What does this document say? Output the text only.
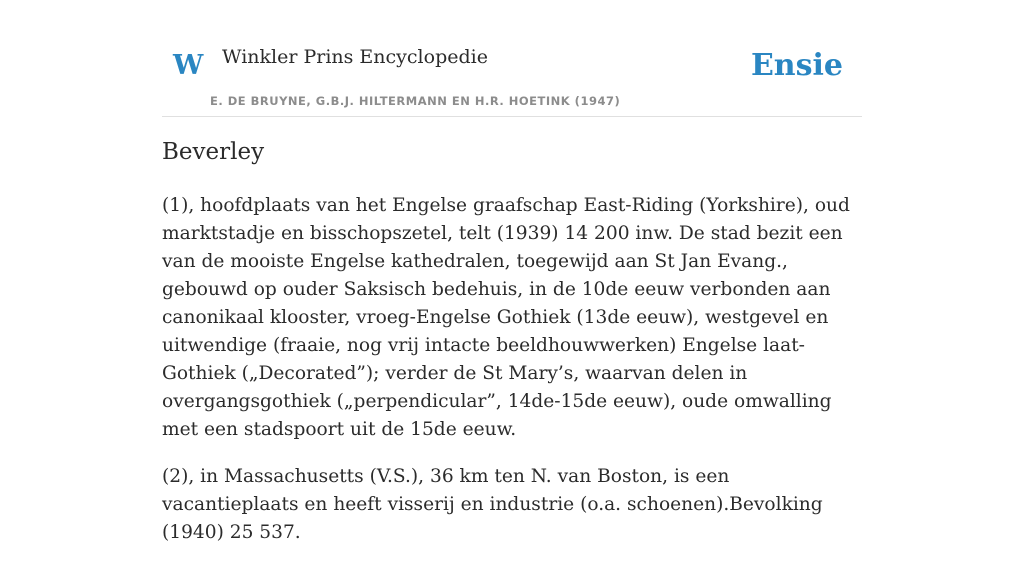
W Winkler Prins Encyclopedie
E. DE BRUYNE, G.B.J. HILTERMANN EN H.R. HOETINK (1947)
Ensie
Beverley

(1), hoofdplaats van het Engelse graafschap East-Riding (Yorkshire), oud marktstadje en bisschopszetel, telt (1939) 14 200 inw. De stad bezit een van de mooiste Engelse kathedralen, toegewijd aan St Jan Evang., gebouwd op ouder Saksisch bedehuis, in de 10de eeuw verbonden aan canonikaal klooster, vroeg-Engelse Gothiek (13de eeuw), westgevel en uitwendige (fraaie, nog vrij intacte beeldhouwwerken) Engelse laat-Gothiek („Decorated”); verder de St Mary’s, waarvan delen in overgangsgothiek („perpendicular”, 14de-15de eeuw), oude omwalling met een stadspoort uit de 15de eeuw.

(2), in Massachusetts (V.S.), 36 km ten N. van Boston, is een vacantieplaats en heeft visserij en industrie (o.a. schoenen).Bevolking (1940) 25 537.
